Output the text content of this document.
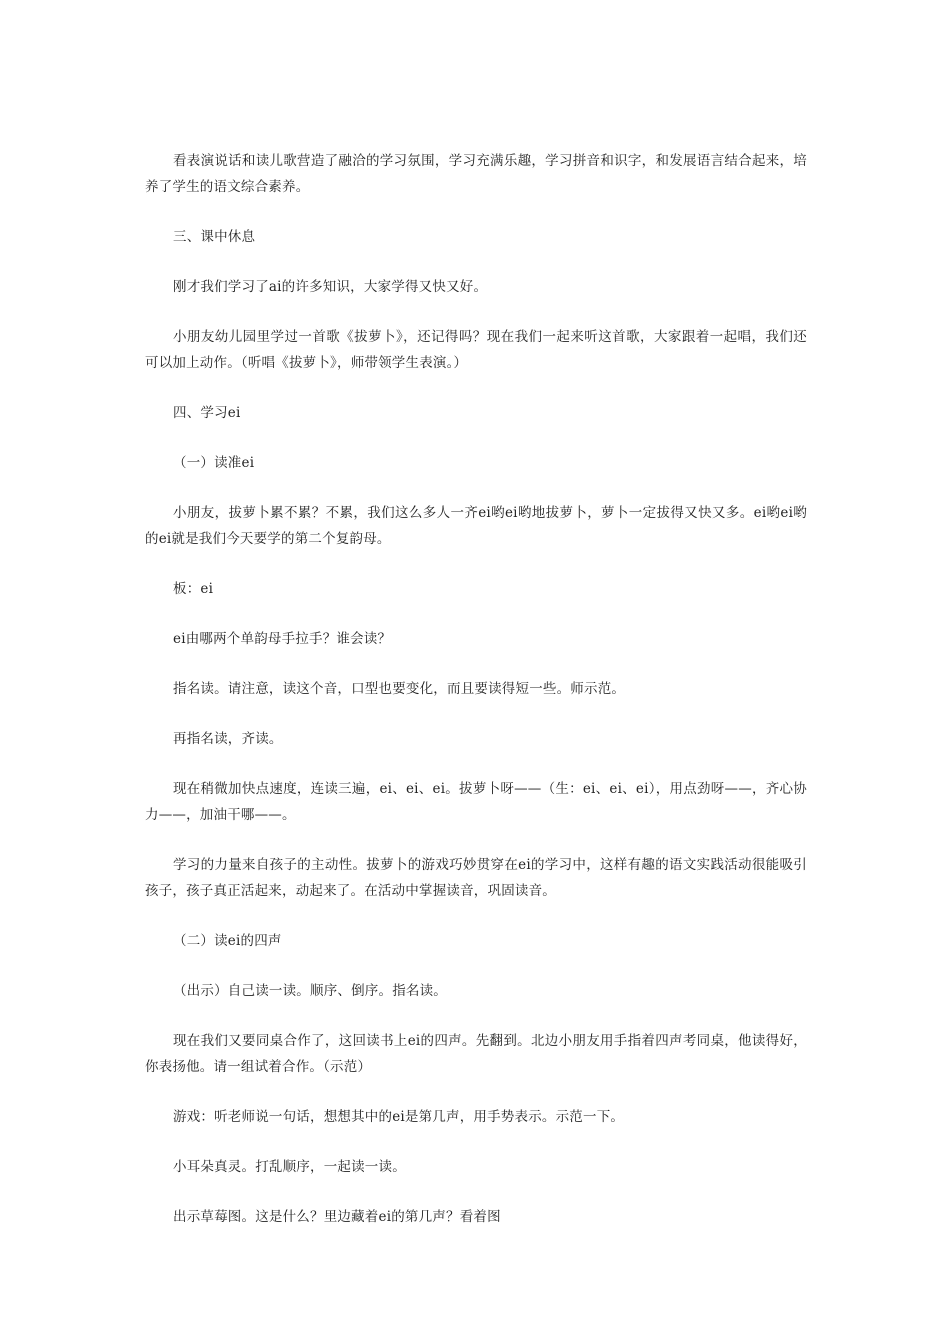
看表演说话和读儿歌营造了融洽的学习氛围，学习充满乐趣，学习拼音和识字，和发展语言结合起来，培养了学生的语文综合素养。

三、课中休息

刚才我们学习了ai的许多知识，大家学得又快又好。

小朋友幼儿园里学过一首歌《拔萝卜》，还记得吗？现在我们一起来听这首歌，大家跟着一起唱，我们还可以加上动作。（听唱《拔萝卜》，师带领学生表演。）

四、学习ei

（一）读准ei

小朋友，拔萝卜累不累？不累，我们这么多人一齐ei哟ei哟地拔萝卜，萝卜一定拔得又快又多。ei哟ei哟的ei就是我们今天要学的第二个复韵母。

板：ei

ei由哪两个单韵母手拉手？谁会读？

指名读。请注意，读这个音，口型也要变化，而且要读得短一些。师示范。

再指名读，齐读。

现在稍微加快点速度，连读三遍，ei、ei、ei。拔萝卜呀——（生：ei、ei、ei），用点劲呀——，齐心协力——，加油干哪——。

学习的力量来自孩子的主动性。拔萝卜的游戏巧妙贯穿在ei的学习中，这样有趣的语文实践活动很能吸引孩子，孩子真正活起来，动起来了。在活动中掌握读音，巩固读音。

（二）读ei的四声

（出示）自己读一读。顺序、倒序。指名读。

现在我们又要同桌合作了，这回读书上ei的四声。先翻到。北边小朋友用手指着四声考同桌，他读得好，你表扬他。请一组试着合作。（示范）

游戏：听老师说一句话，想想其中的ei是第几声，用手势表示。示范一下。

小耳朵真灵。打乱顺序，一起读一读。

出示草莓图。这是什么？里边藏着ei的第几声？看着图
